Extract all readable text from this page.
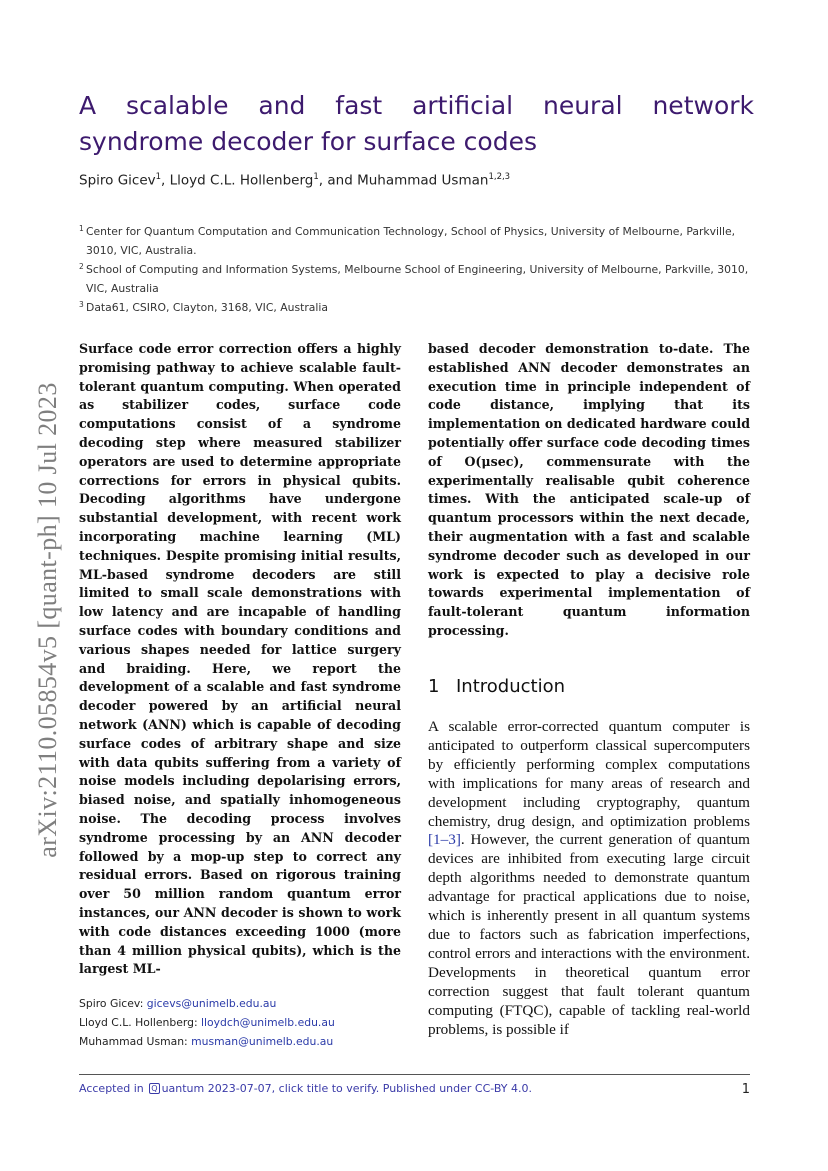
arXiv:2110.05854v5 [quant-ph] 10 Jul 2023
A scalable and fast artificial neural network syndrome decoder for surface codes
Spiro Gicev$^1$, Lloyd C.L. Hollenberg$^1$, and Muhammad Usman$^{1,2,3}$

1 Center for Quantum Computation and Communication Technology, School of Physics, University of Melbourne, Parkville, 3010, VIC, Australia.

2 School of Computing and Information Systems, Melbourne School of Engineering, University of Melbourne, Parkville, 3010, VIC, Australia

3 Data61, CSIRO, Clayton, 3168, VIC, Australia

Surface code error correction offers a highly promising pathway to achieve scalable fault-tolerant quantum computing. When operated as stabilizer codes, surface code computations consist of a syndrome decoding step where measured stabilizer operators are used to determine appropriate corrections for errors in physical qubits. Decoding algorithms have undergone substantial development, with recent work incorporating machine learning (ML) techniques. Despite promising initial results, ML-based syndrome decoders are still limited to small scale demonstrations with low latency and are incapable of handling surface codes with boundary conditions and various shapes needed for lattice surgery and braiding. Here, we report the development of a scalable and fast syndrome decoder powered by an artificial neural network (ANN) which is capable of decoding surface codes of arbitrary shape and size with data qubits suffering from a variety of noise models including depolarising errors, biased noise, and spatially inhomogeneous noise. The decoding process involves syndrome processing by an ANN decoder followed by a mop-up step to correct any residual errors. Based on rigorous training over 50 million random quantum error instances, our ANN decoder is shown to work with code distances exceeding 1000 (more than 4 million physical qubits), which is the largest ML-

based decoder demonstration to-date. The established ANN decoder demonstrates an execution time in principle independent of code distance, implying that its implementation on dedicated hardware could potentially offer surface code decoding times of O(μsec), commensurate with the experimentally realisable qubit coherence times. With the anticipated scale-up of quantum processors within the next decade, their augmentation with a fast and scalable syndrome decoder such as developed in our work is expected to play a decisive role towards experimental implementation of fault-tolerant quantum information processing.

1 Introduction

A scalable error-corrected quantum computer is anticipated to outperform classical supercomputers by efficiently performing complex computations with implications for many areas of research and development including cryptography, quantum chemistry, drug design, and optimization problems [1–3]. However, the current generation of quantum devices are inhibited from executing large circuit depth algorithms needed to demonstrate quantum advantage for practical applications due to noise, which is inherently present in all quantum systems due to factors such as fabrication imperfections, control errors and interactions with the environment. Developments in theoretical quantum error correction suggest that fault tolerant quantum computing (FTQC), capable of tackling real-world problems, is possible if

Spiro Gicev: gicevs@unimelb.edu.au
Lloyd C.L. Hollenberg: lloydch@unimelb.edu.au
Muhammad Usman: musman@unimelb.edu.au
Accepted in Q uantum 2023-07-07, click title to verify. Published under CC-BY 4.0.	1
